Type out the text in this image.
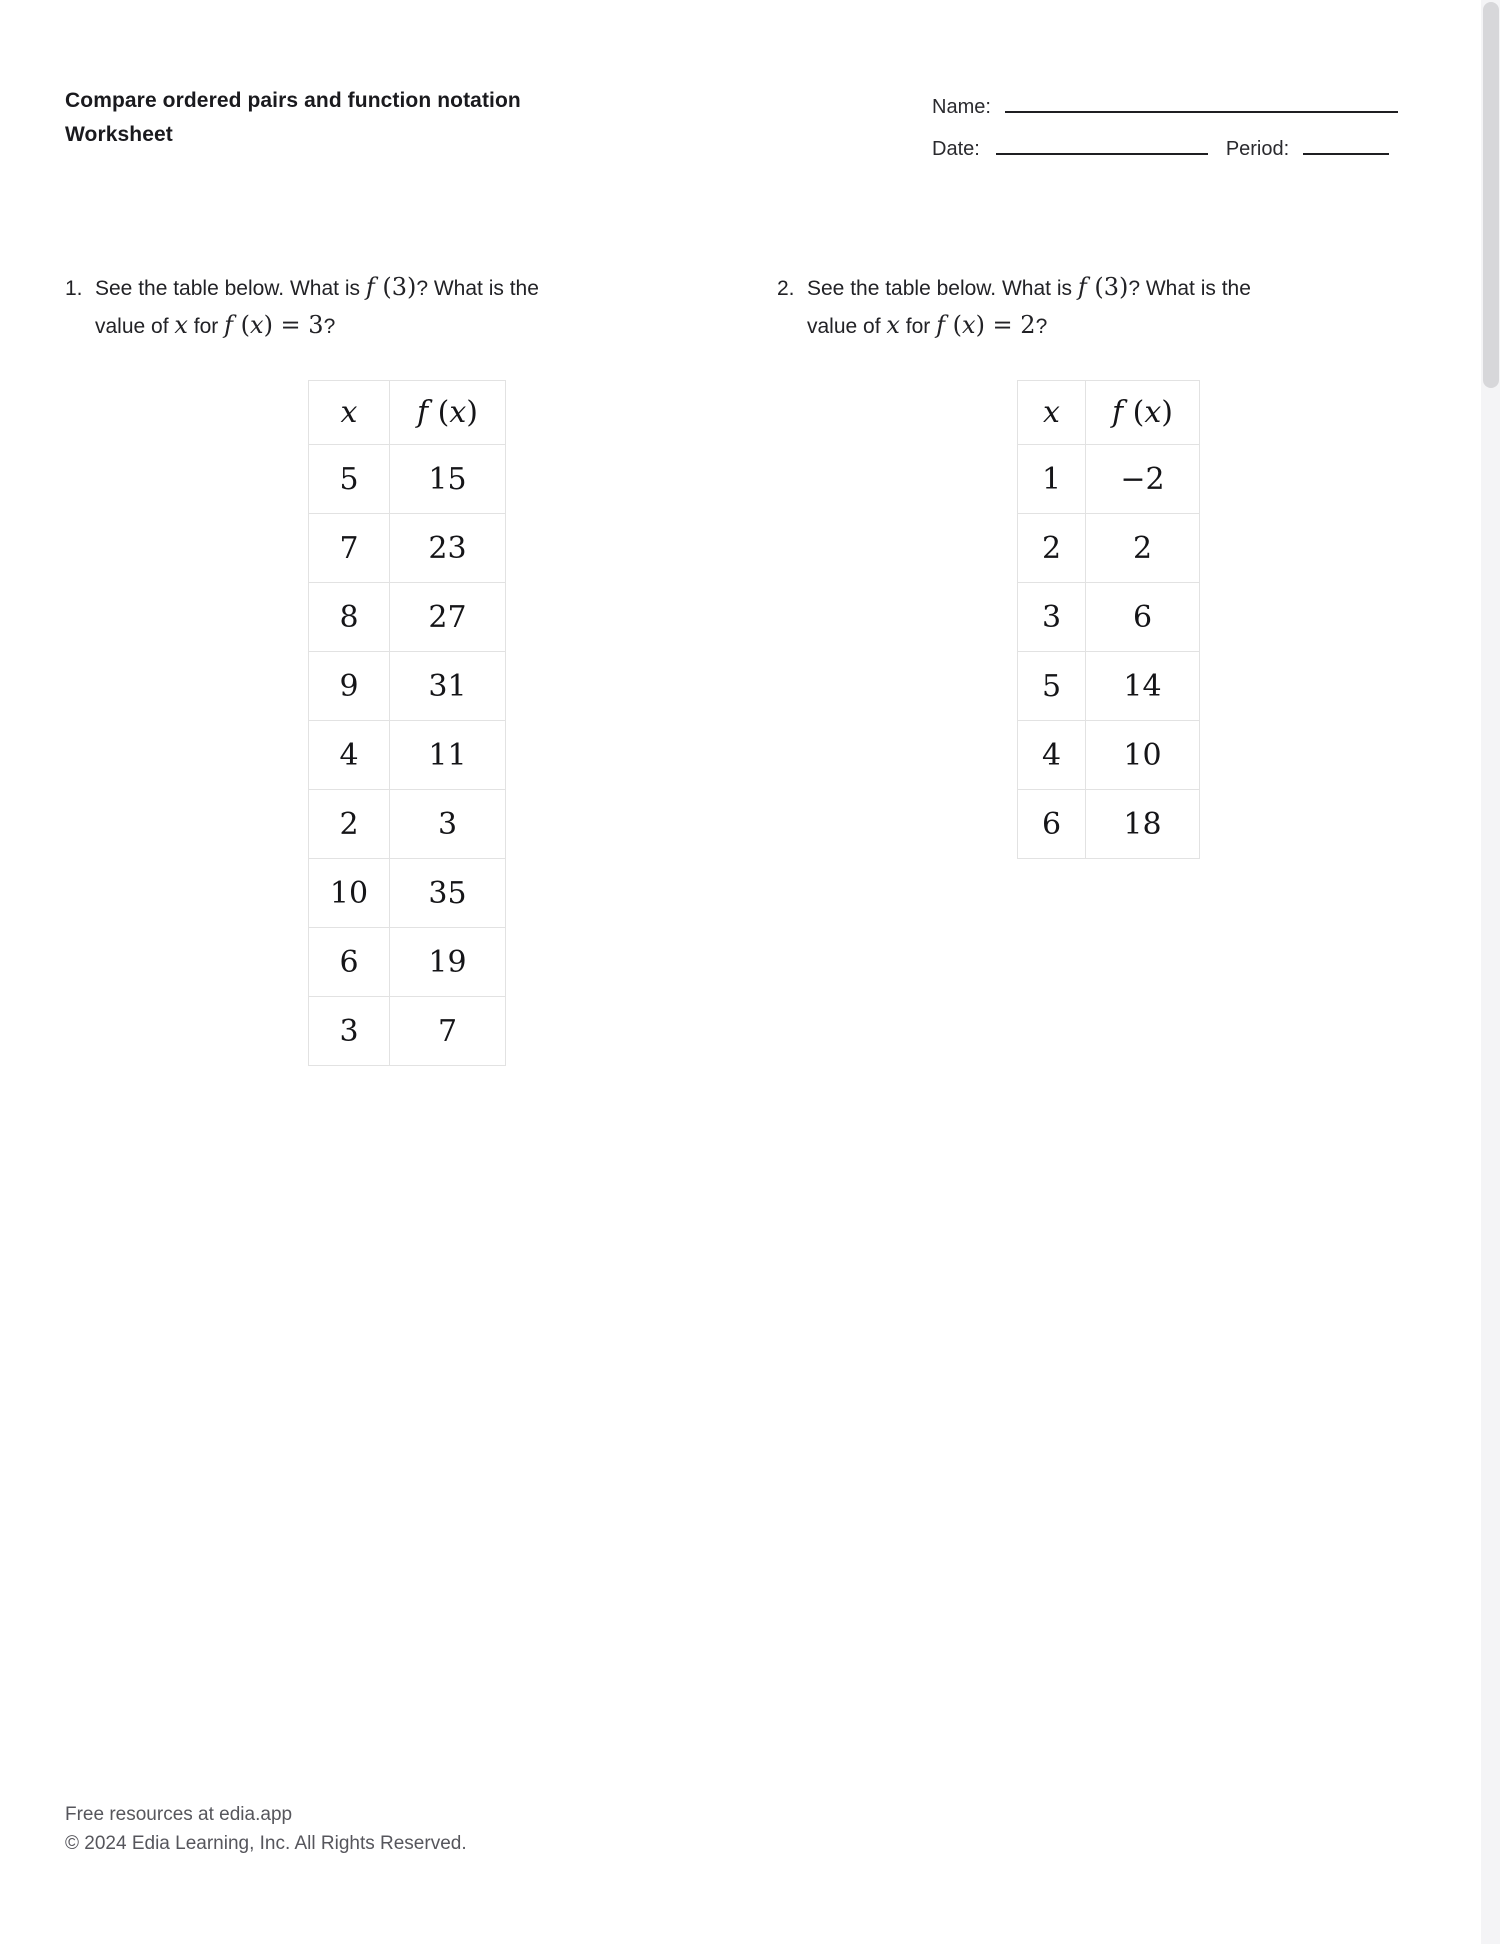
Compare ordered pairs and function notation
Worksheet
Name:
Date:	Period:
1. See the table below. What is f (3)? What is the
value of x for f (x) = 3?
x	f (x)
5	15
7	23
8	27
9	31
4	11
2	3
10	35
6	19
3	7
2. See the table below. What is f (3)? What is the
value of x for f (x) = 2?
x	f (x)
1	−2
2	2
3	6
5	14
4	10
6	18
Free resources at edia.app
© 2024 Edia Learning, Inc. All Rights Reserved.
